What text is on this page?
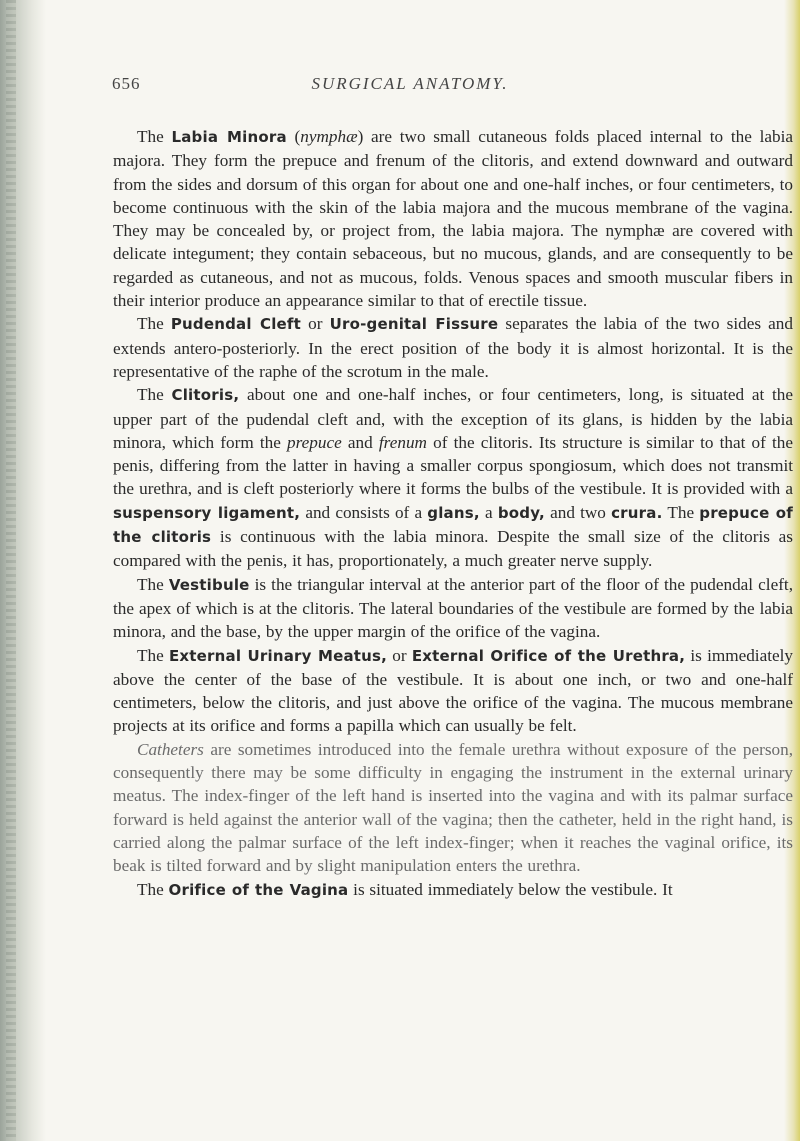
656	SURGICAL ANATOMY.

The Labia Minora (nymphæ) are two small cutaneous folds placed internal to the labia majora. They form the prepuce and frenum of the clitoris, and extend downward and outward from the sides and dorsum of this organ for about one and one-half inches, or four centimeters, to become continuous with the skin of the labia majora and the mucous membrane of the vagina. They may be concealed by, or project from, the labia majora. The nymphæ are covered with delicate integument; they contain sebaceous, but no mucous, glands, and are consequently to be regarded as cutaneous, and not as mucous, folds. Venous spaces and smooth muscular fibers in their interior produce an appearance similar to that of erectile tissue.

The Pudendal Cleft or Uro-genital Fissure separates the labia of the two sides and extends antero-posteriorly. In the erect position of the body it is almost horizontal. It is the representative of the raphe of the scrotum in the male.

The Clitoris, about one and one-half inches, or four centimeters, long, is situated at the upper part of the pudendal cleft and, with the exception of its glans, is hidden by the labia minora, which form the prepuce and frenum of the clitoris. Its structure is similar to that of the penis, differing from the latter in having a smaller corpus spongiosum, which does not transmit the urethra, and is cleft posteriorly where it forms the bulbs of the vestibule. It is provided with a suspensory ligament, and consists of a glans, a body, and two crura. The prepuce of the clitoris is continuous with the labia minora. Despite the small size of the clitoris as compared with the penis, it has, proportionately, a much greater nerve supply.

The Vestibule is the triangular interval at the anterior part of the floor of the pudendal cleft, the apex of which is at the clitoris. The lateral boundaries of the vestibule are formed by the labia minora, and the base, by the upper margin of the orifice of the vagina.

The External Urinary Meatus, or External Orifice of the Urethra, is immediately above the center of the base of the vestibule. It is about one inch, or two and one-half centimeters, below the clitoris, and just above the orifice of the vagina. The mucous membrane projects at its orifice and forms a papilla which can usually be felt.

Catheters are sometimes introduced into the female urethra without exposure of the person, consequently there may be some difficulty in engaging the instrument in the external urinary meatus. The index-finger of the left hand is inserted into the vagina and with its palmar surface forward is held against the anterior wall of the vagina; then the catheter, held in the right hand, is carried along the palmar surface of the left index-finger; when it reaches the vaginal orifice, its beak is tilted forward and by slight manipulation enters the urethra.

The Orifice of the Vagina is situated immediately below the vestibule. It
